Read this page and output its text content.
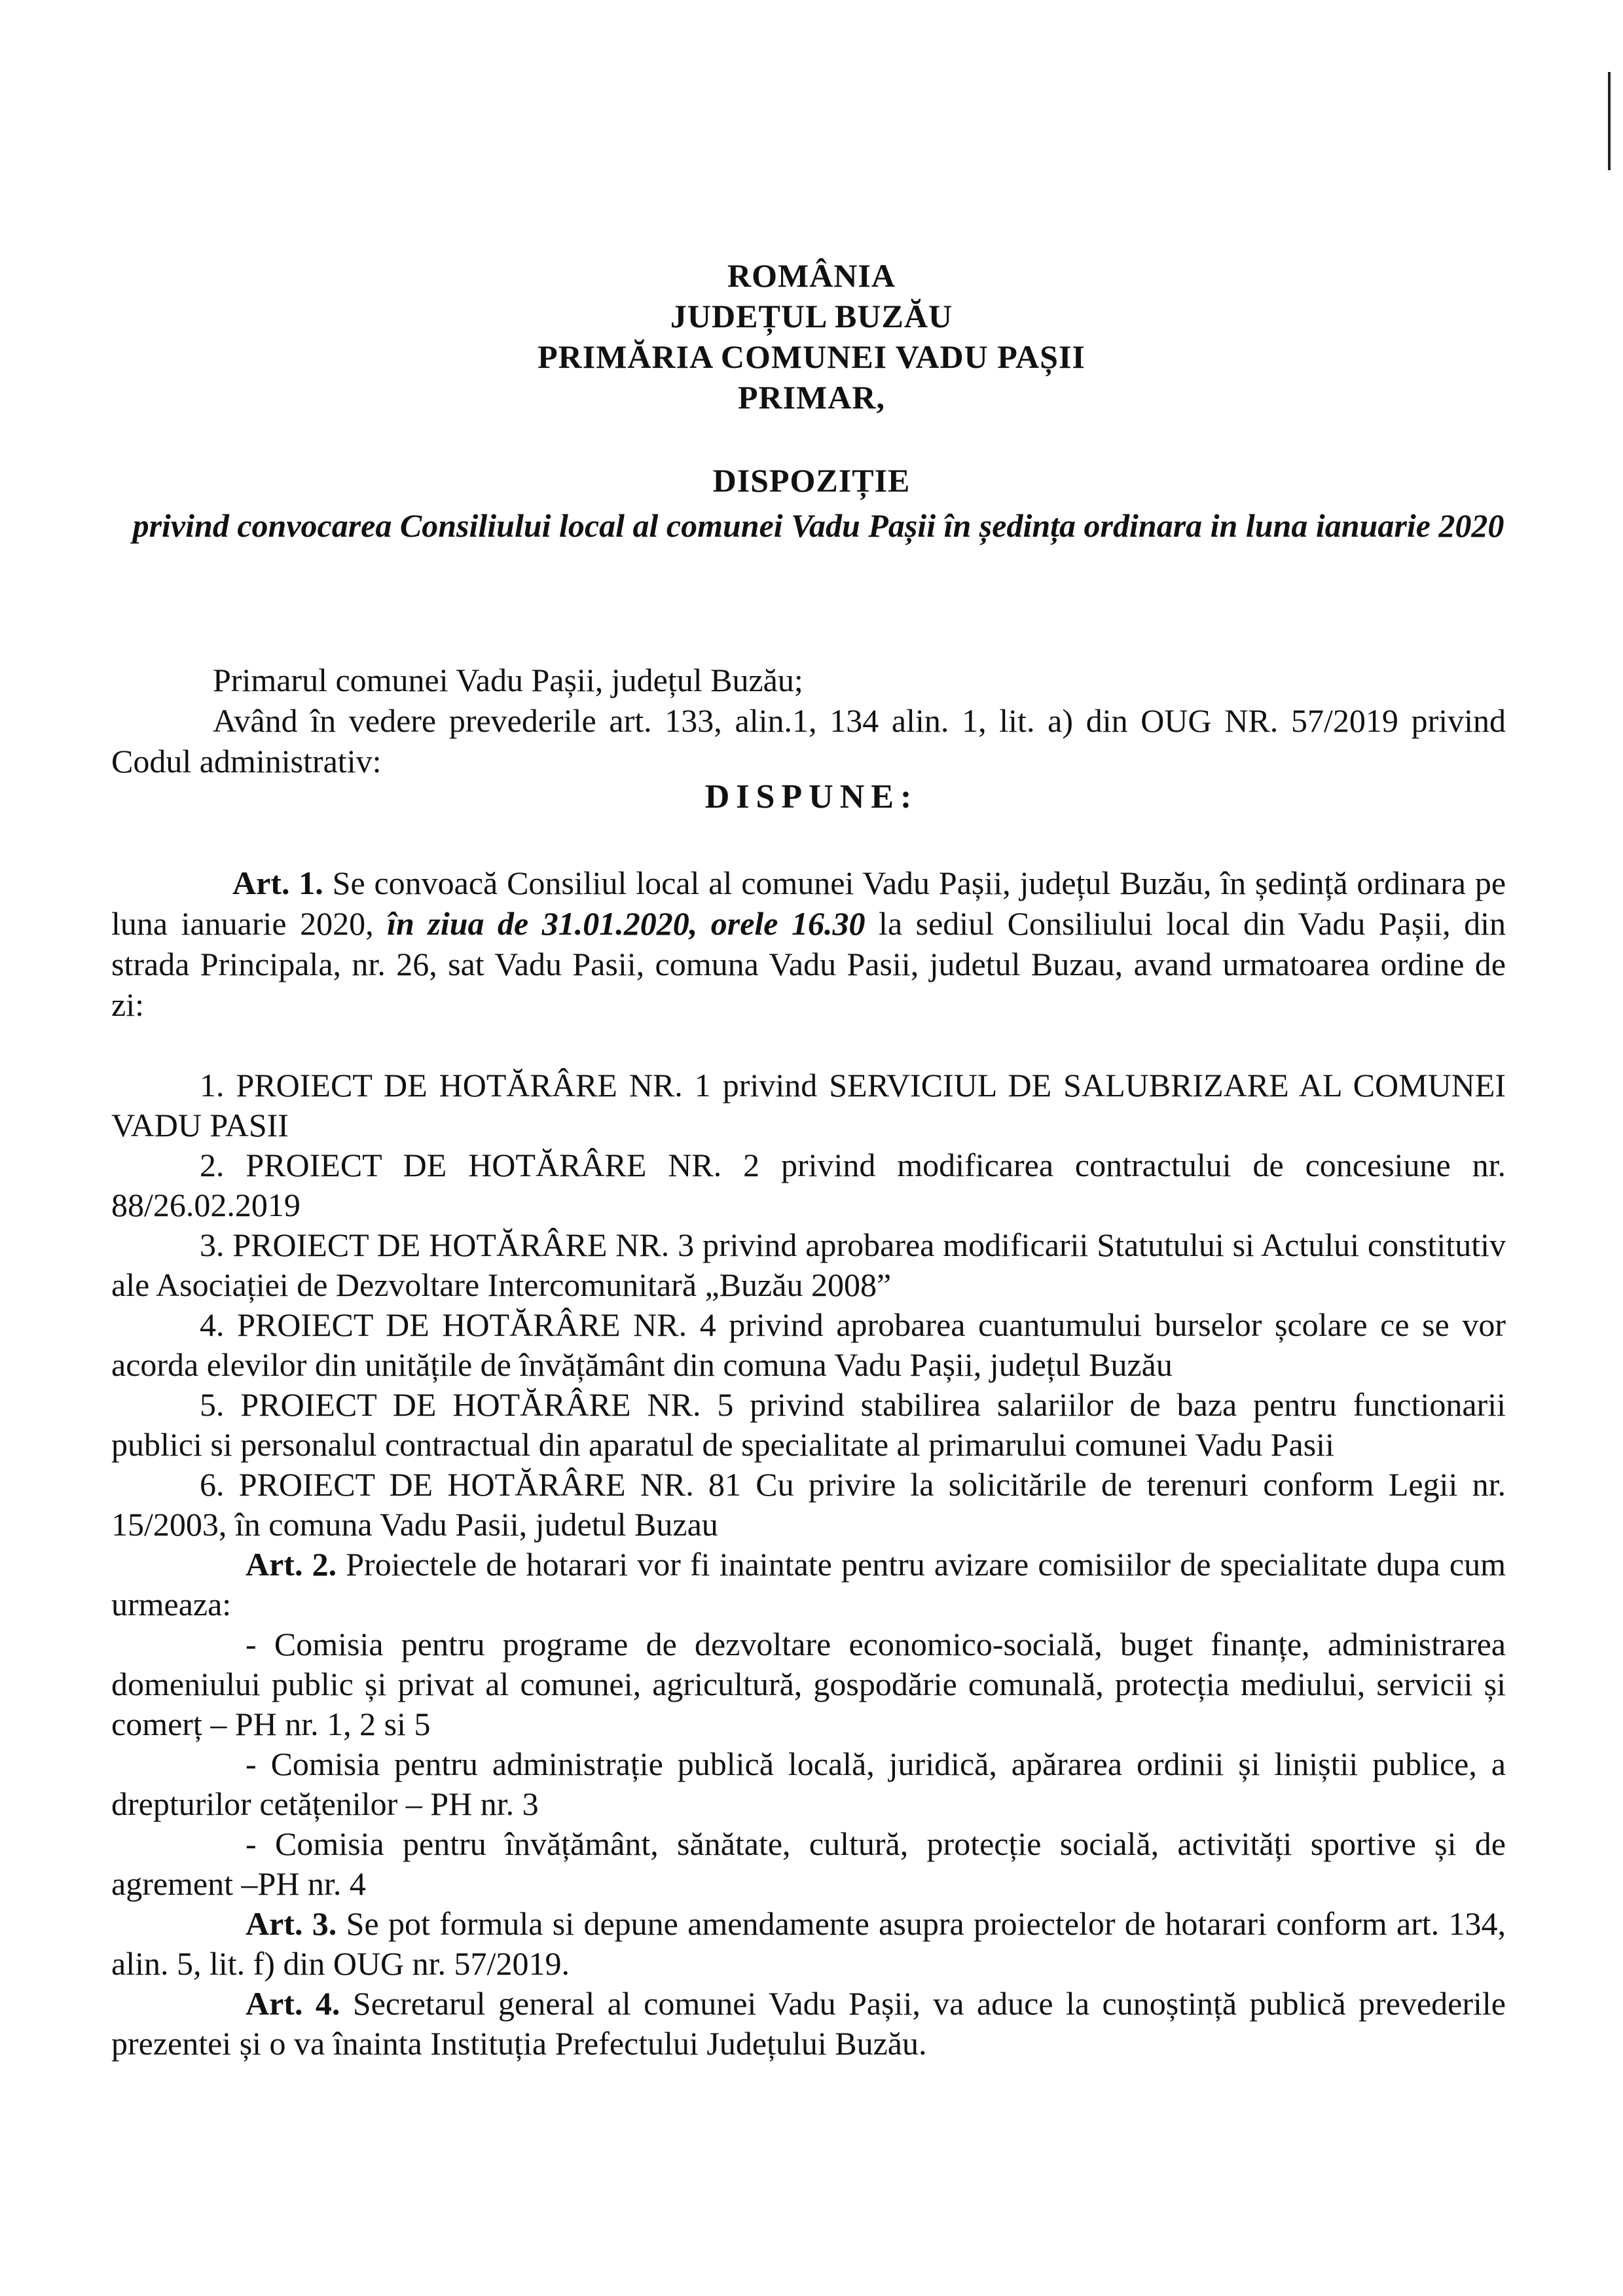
ROMÂNIA
JUDEȚUL BUZĂU
PRIMĂRIA COMUNEI VADU PAȘII
PRIMAR,
DISPOZIȚIE
privind convocarea Consiliului local al comunei Vadu Pașii în ședința ordinara in luna ianuarie 2020

Primarul comunei Vadu Pașii, județul Buzău;

Având în vedere prevederile art. 133, alin.1, 134 alin. 1, lit. a) din OUG NR. 57/2019 privind Codul administrativ:

DISPUNE:

Art. 1. Se convoacă Consiliul local al comunei Vadu Pașii, județul Buzău, în ședință ordinara pe luna ianuarie 2020, în ziua de 31.01.2020, orele 16.30 la sediul Consiliului local din Vadu Pașii, din strada Principala, nr. 26, sat Vadu Pasii, comuna Vadu Pasii, judetul Buzau, avand urmatoarea ordine de zi:

1. PROIECT DE HOTĂRÂRE NR. 1 privind SERVICIUL DE SALUBRIZARE AL COMUNEI VADU PASII

2. PROIECT DE HOTĂRÂRE NR. 2 privind modificarea contractului de concesiune nr. 88/26.02.2019

3. PROIECT DE HOTĂRÂRE NR. 3 privind aprobarea modificarii Statutului si Actului constitutiv ale Asociației de Dezvoltare Intercomunitară „Buzău 2008”

4. PROIECT DE HOTĂRÂRE NR. 4 privind aprobarea cuantumului burselor școlare ce se vor acorda elevilor din unitățile de învățământ din comuna Vadu Pașii, județul Buzău

5. PROIECT DE HOTĂRÂRE NR. 5 privind stabilirea salariilor de baza pentru functionarii publici si personalul contractual din aparatul de specialitate al primarului comunei Vadu Pasii

6. PROIECT DE HOTĂRÂRE NR. 81 Cu privire la solicitările de terenuri conform Legii nr. 15/2003, în comuna Vadu Pasii, judetul Buzau

Art. 2. Proiectele de hotarari vor fi inaintate pentru avizare comisiilor de specialitate dupa cum urmeaza:

- Comisia pentru programe de dezvoltare economico-socială, buget finanțe, administrarea domeniului public și privat al comunei, agricultură, gospodărie comunală, protecția mediului, servicii și comerț – PH nr. 1, 2 si 5

- Comisia pentru administrație publică locală, juridică, apărarea ordinii și liniștii publice, a drepturilor cetățenilor – PH nr. 3

- Comisia pentru învățământ, sănătate, cultură, protecție socială, activități sportive și de agrement –PH nr. 4

Art. 3. Se pot formula si depune amendamente asupra proiectelor de hotarari conform art. 134, alin. 5, lit. f) din OUG nr. 57/2019.

Art. 4. Secretarul general al comunei Vadu Pașii, va aduce la cunoștință publică prevederile prezentei și o va înainta Instituția Prefectului Județului Buzău.
